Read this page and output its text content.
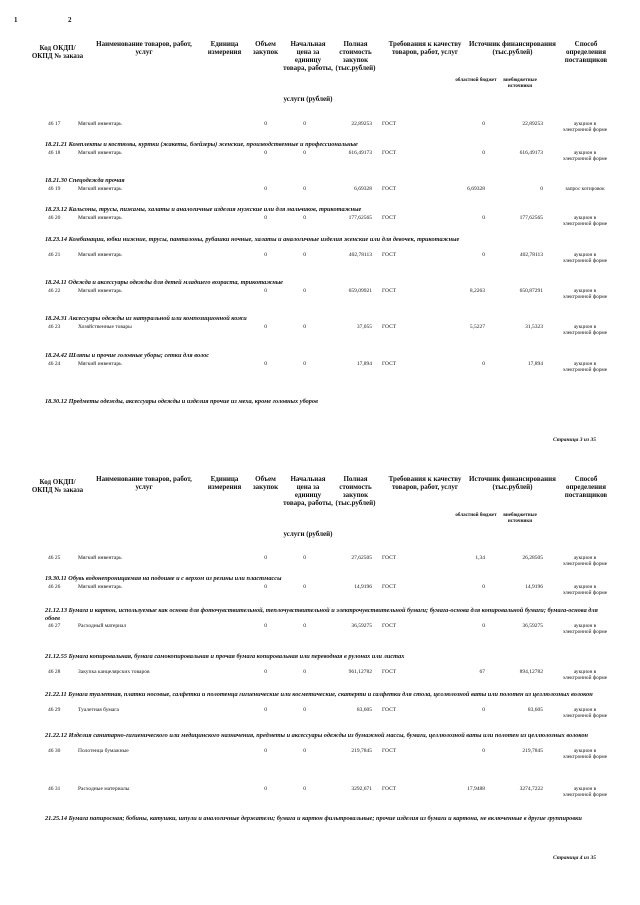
1	2
Код ОКДП/ ОКПД № заказа
Наименование товаров, работ, услуг
Единица измерения
Объем закупок
Начальная цена за единицу товара, работы,
услуги (рублей)
Полная стоимость закупок (тыс.рублей)
Требования к качеству товаров, работ, услуг
Источник финансирования (тыс.рублей)
областной бюджет	внебюджетные источники
Способ определения поставщиков
46 17	Мягкий инвентарь	0	0	22,89253 ГОСТ	0	22,89253	аукцион в электронной форме
18.21.21 Комплекты и костюмы, куртки (жакеты, блейзеры) женские, производственные и профессиональные
46 18	Мягкий инвентарь	0	0	616,49173 ГОСТ	0	616,49173	аукцион в электронной форме
18.21.30 Спецодежда прочая
46 19	Мягкий инвентарь	0	0	6,69328 ГОСТ	6,69328	0	запрос котировок
18.23.12 Кальсоны, трусы, пижамы, халаты и аналогичные изделия мужские или для мальчиков, трикотажные
46 20	Мягкий инвентарь	0	0	177,62565 ГОСТ	0	177,62565	аукцион в электронной форме
18.23.14 Комбинации, юбки нижние, трусы, панталоны, рубашки ночные, халаты и аналогичные изделия женские или для девочек, трикотажные
46 21	Мягкий инвентарь	0	0	402,78113 ГОСТ	0	402,78113	аукцион в электронной форме
18.24.11 Одежда и аксессуары одежды для детей младшего возраста, трикотажные
46 22	Мягкий инвентарь	0	0	659,09921 ГОСТ	8,2263	650,87291	аукцион в электронной форме
18.24.31 Аксессуары одежды из натуральной или композиционной кожи
46 23	Хозяйственные товары	0	0	37,055 ГОСТ	5,5227	31,5323	аукцион в электронной форме
18.24.42 Шляпы и прочие головные уборы; сетки для волос
46 24	Мягкий инвентарь	0	0	17,894 ГОСТ	0	17,894	аукцион в электронной форме
18.30.12 Предметы одежды, аксессуары одежды и изделия прочие из меха, кроме головных уборов
Страница 3 из 35
Код ОКДП/ ОКПД № заказа
Наименование товаров, работ, услуг
Единица измерения
Объем закупок
Начальная цена за единицу товара, работы,
услуги (рублей)
Полная стоимость закупок (тыс.рублей)
Требования к качеству товаров, работ, услуг
Источник финансирования (тыс.рублей)
областной бюджет	внебюджетные источники
Способ определения поставщиков
46 25	Мягкий инвентарь	0	0	27,62505 ГОСТ	1,34	26,28505	аукцион в электронной форме
19.30.11 Обувь водонепроницаемая на подошве и с верхом из резины или пластмассы
46 26	Мягкий инвентарь	0	0	14,9196 ГОСТ	0	14,9196	аукцион в электронной форме
21.12.13 Бумага и картон, используемые как основа для фоточувствительной, теплочувствительной и электрочувствительной бумаги; бумага-основа для копировальной бумаги; бумага-основа для обоев
46 27	Расходный материал	0	0	36,59275 ГОСТ	0	36,59275	аукцион в электронной форме
21.12.55 Бумага копировальная, бумага самокопировальная и прочая бумага копировальная или переводная в рулонах или листах
46 28	Закупка канцелярских товаров	0	0	961,12782 ГОСТ	67	894,12782	аукцион в электронной форме
21.22.11 Бумага туалетная, платки носовые, салфетки и полотенца гигиенические или косметические, скатерти и салфетки для стола, целлюлозной ваты или полотен из целлюлозных волокон
46 29	Туалетная бумага	0	0	83,605 ГОСТ	0	83,605	аукцион в электронной форме
21.22.12 Изделия санитарно-гигиенического или медицинского назначения, предметы и аксессуары одежды из бумажной массы, бумаги, целлюлозной ваты или полотен из целлюлозных волокон
46 30	Полотенца бумажные	0	0	219,7845 ГОСТ	0	219,7845	аукцион в электронной форме
46 31	Расходные материалы	0	0	3292,671 ГОСТ	17,9488	3274,7222	аукцион в электронной форме
21.25.14 Бумага папиросная; бобины, катушки, шпули и аналогичные держатели; бумага и картон фильтровальные; прочие изделия из бумаги и картона, не включенные в другие группировки
Страница 4 из 35
